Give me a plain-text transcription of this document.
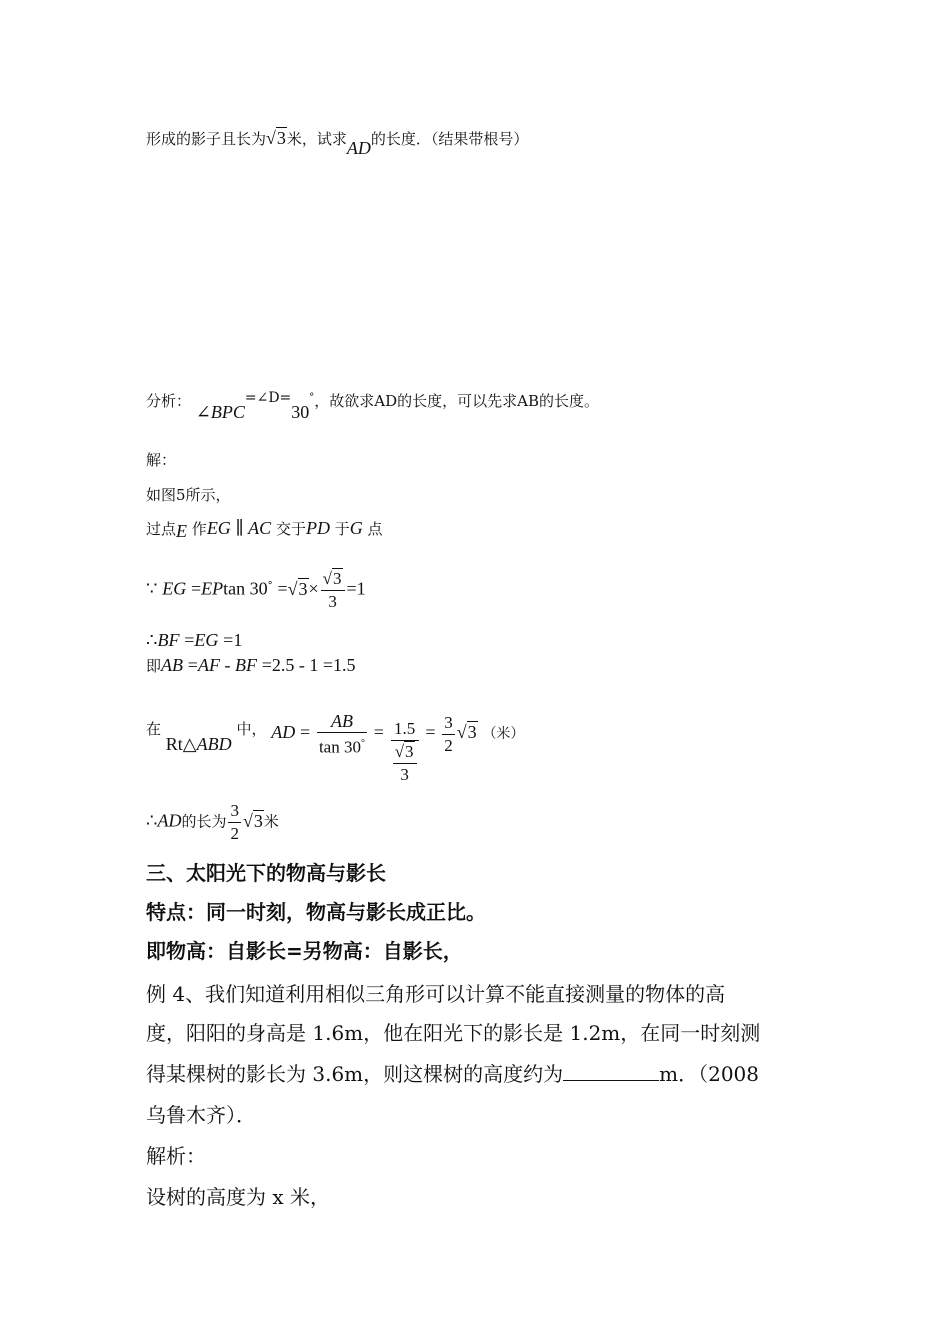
形成的影子且长为√3米，试求AD的长度．（结果带根号）
分析： ∠BPC=∠D=30°，故欲求AD的长度，可以先求AB的长度。
解：
如图5所示，
过点E 作EG ∥ AC 交于PD 于G 点
∵ EG =EPtan $30^\circ =√3\times \frac{√3}{3} =1$
∴BF =EG =1
即AB =AF - BF =2.5 - 1 =1.5
在 Rt△ABD 中， AD = $\frac{AB}{\tan 30^\circ} = \frac{1.5}{\frac{√3}{3}} = \frac{3}{2} √3$ （米）
∴AD的长为 $\frac{3}{2} √3$米
三、太阳光下的物高与影长
特点：同一时刻，物高与影长成正比。
即物高：自影长=另物高：自影长，
例 4、我们知道利用相似三角形可以计算不能直接测量的物体的高
度，阳阳的身高是 1.6m，他在阳光下的影长是 1.2m，在同一时刻测
得某棵树的影长为 3.6m，则这棵树的高度约为	m．（2008
乌鲁木齐）．
解析：
设树的高度为 x 米，
